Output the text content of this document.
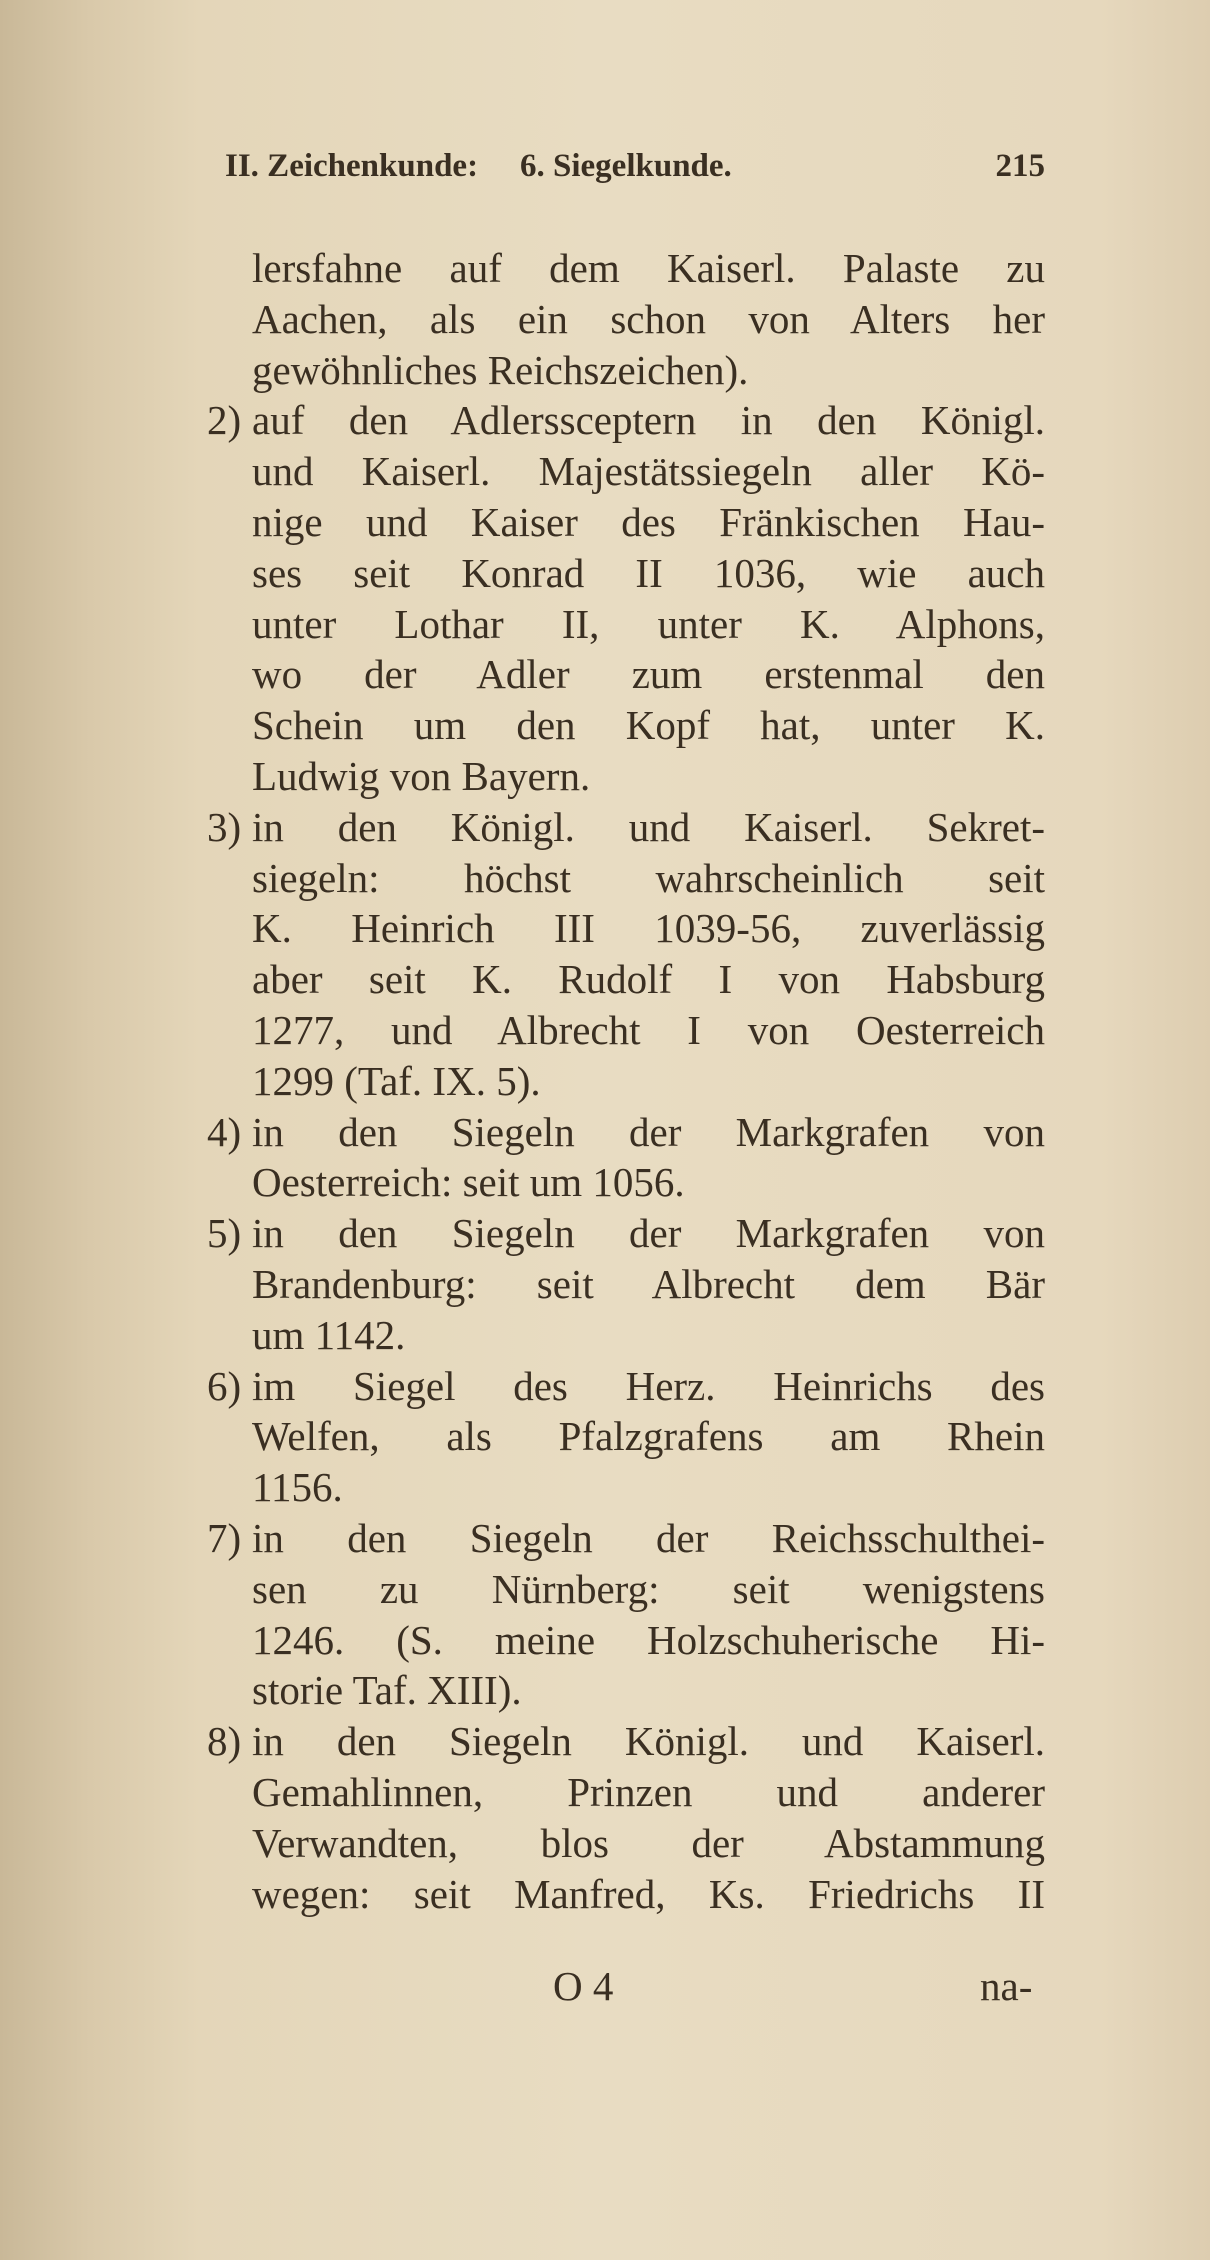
II. Zeichenkunde: 6. Siegelkunde.	215
lersfahne auf dem Kaiserl. Palaste zu
Aachen, als ein schon von Alters her
gewöhnliches Reichszeichen).
2) auf den Adlerssceptern in den Königl.
und Kaiserl. Majestätssiegeln aller Kö-
nige und Kaiser des Fränkischen Hau-
ses seit Konrad II 1036, wie auch
unter Lothar II, unter K. Alphons,
wo der Adler zum erstenmal den
Schein um den Kopf hat, unter K.
Ludwig von Bayern.
3) in den Königl. und Kaiserl. Sekret-
siegeln: höchst wahrscheinlich seit
K. Heinrich III 1039-56, zuverlässig
aber seit K. Rudolf I von Habsburg
1277, und Albrecht I von Oesterreich
1299 (Taf. IX. 5).
4) in den Siegeln der Markgrafen von
Oesterreich: seit um 1056.
5) in den Siegeln der Markgrafen von
Brandenburg: seit Albrecht dem Bär
um 1142.
6) im Siegel des Herz. Heinrichs des
Welfen, als Pfalzgrafens am Rhein
1156.
7) in den Siegeln der Reichsschulthei-
sen zu Nürnberg: seit wenigstens
1246. (S. meine Holzschuherische Hi-
storie Taf. XIII).
8) in den Siegeln Königl. und Kaiserl.
Gemahlinnen, Prinzen und anderer
Verwandten, blos der Abstammung
wegen: seit Manfred, Ks. Friedrichs II
O 4	na-
